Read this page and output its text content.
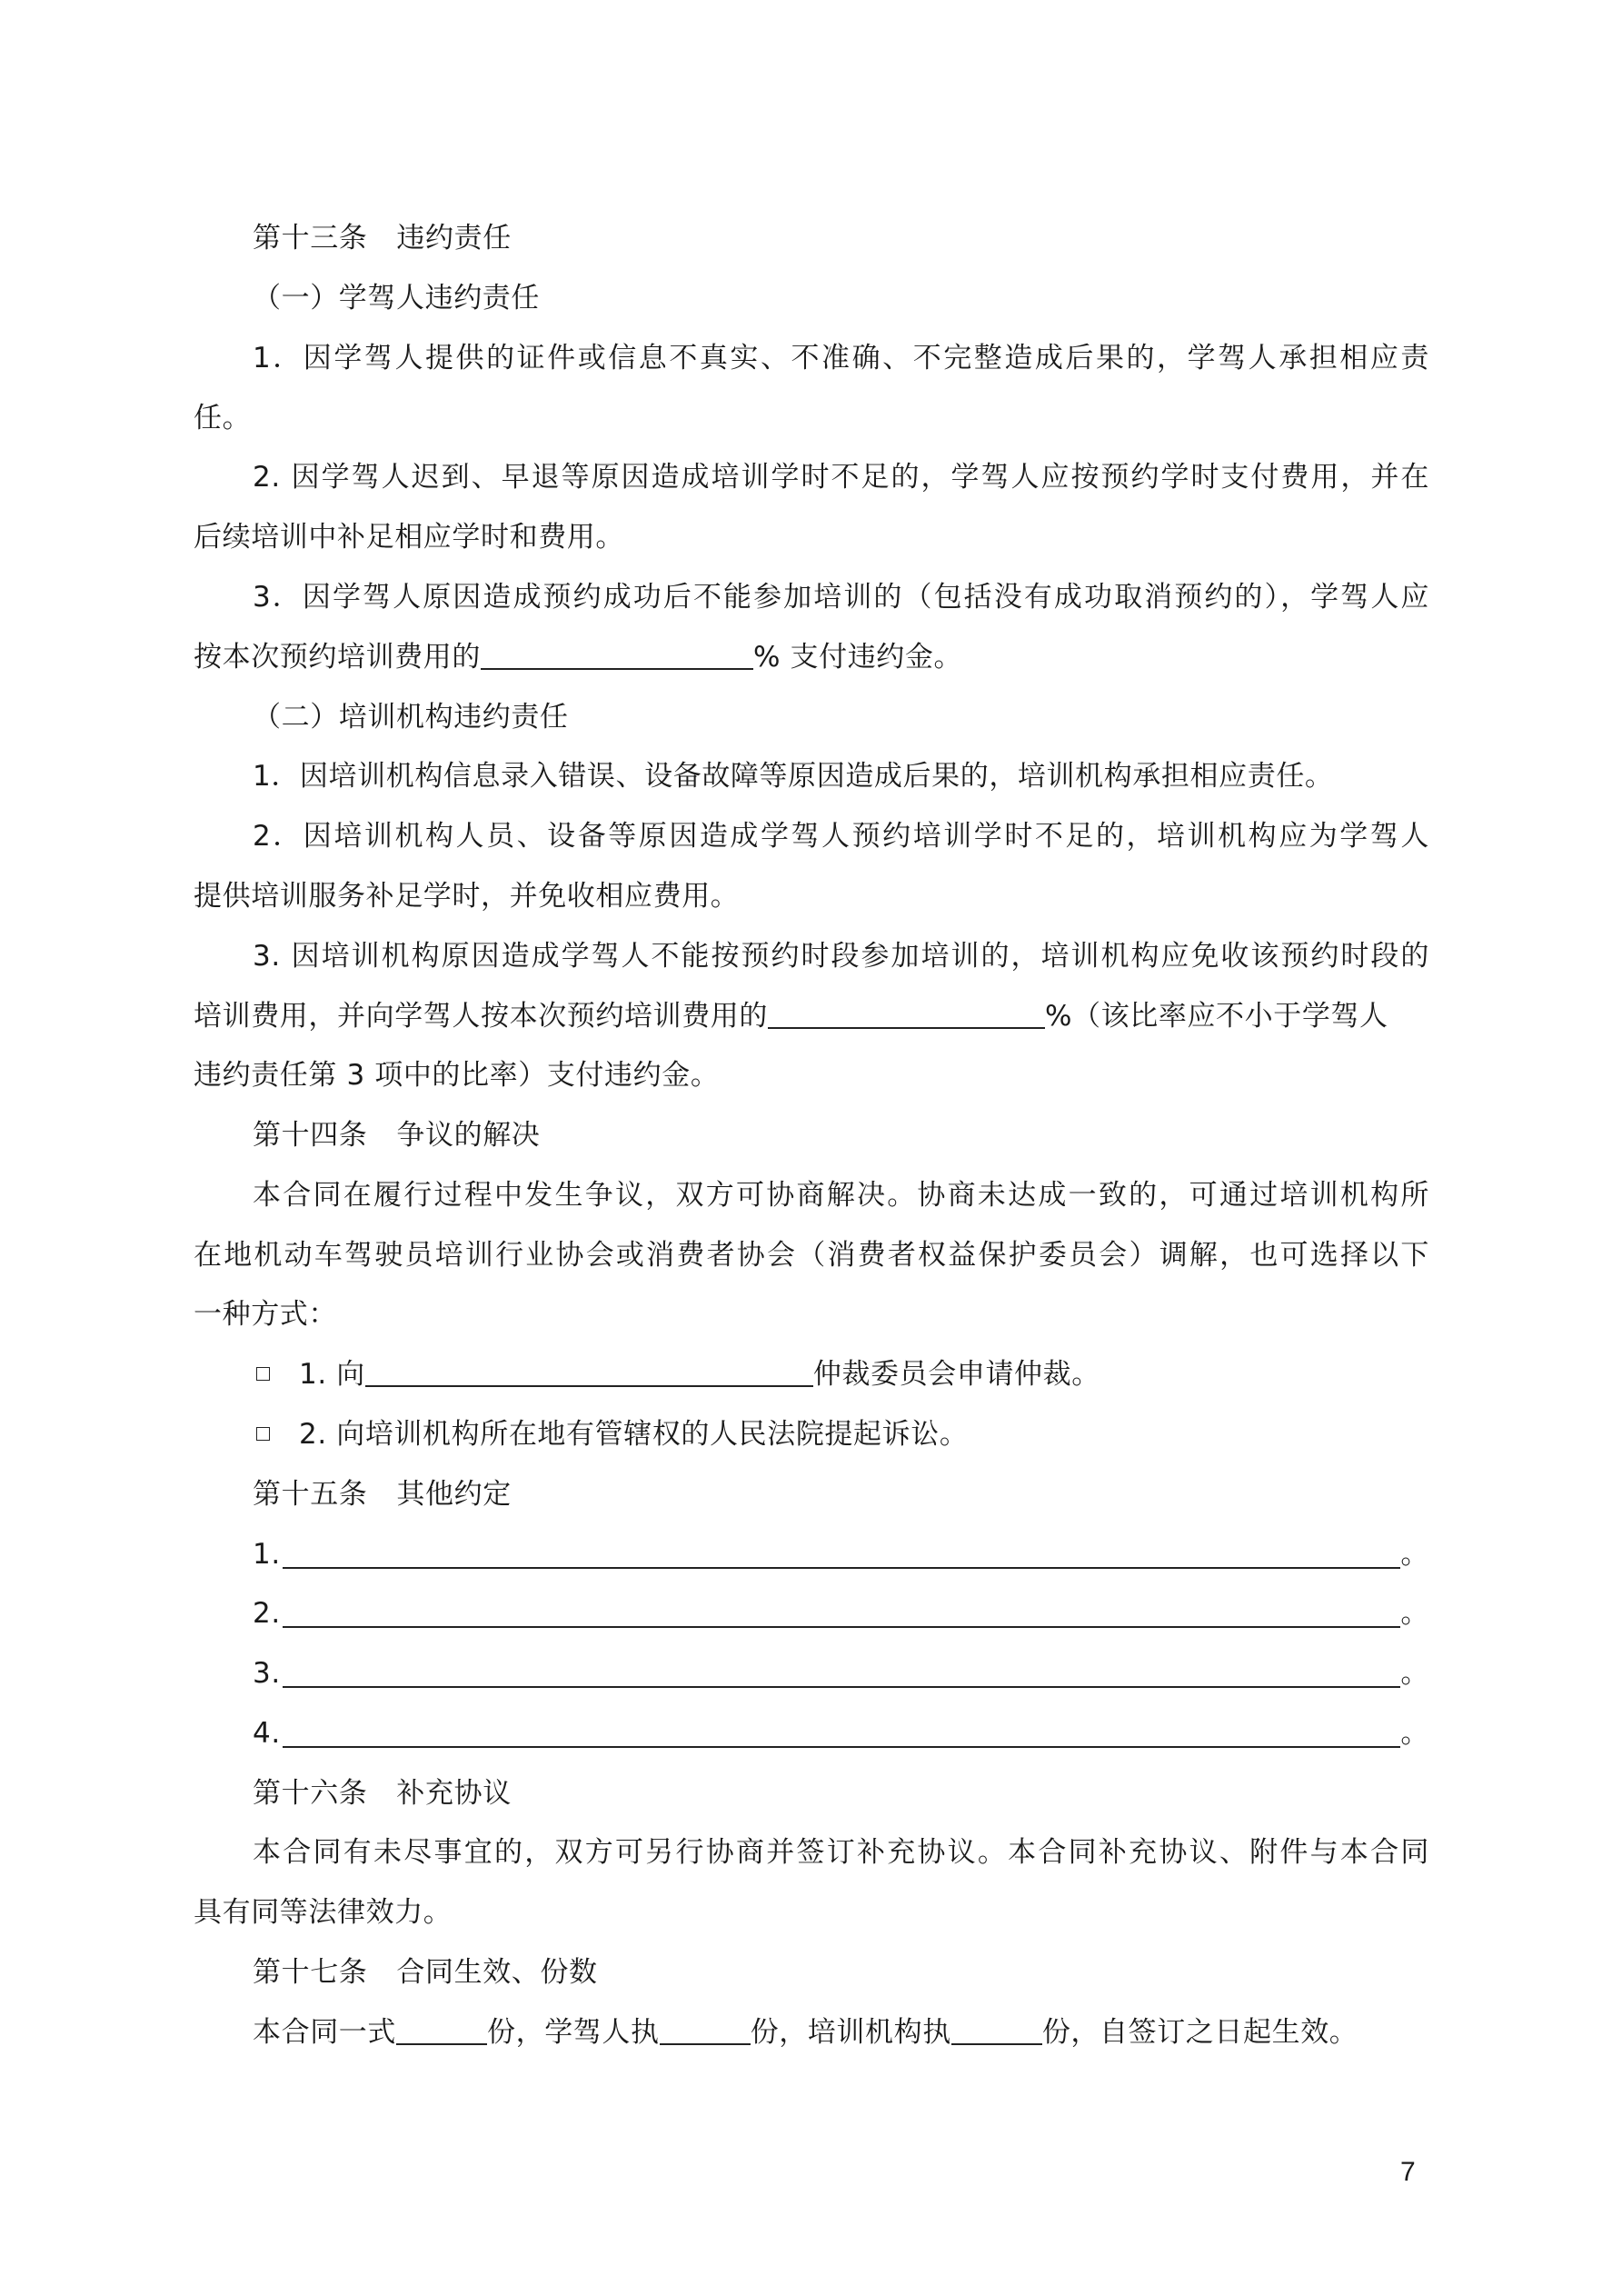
第十三条 违约责任
（一）学驾人违约责任
1．因学驾人提供的证件或信息不真实、不准确、不完整造成后果的，学驾人承担相应责
任。
2. 因学驾人迟到、早退等原因造成培训学时不足的，学驾人应按预约学时支付费用，并在
后续培训中补足相应学时和费用。
3．因学驾人原因造成预约成功后不能参加培训的（包括没有成功取消预约的），学驾人应
按本次预约培训费用的	% 支付违约金。
（二）培训机构违约责任
1．因培训机构信息录入错误、设备故障等原因造成后果的，培训机构承担相应责任。
2．因培训机构人员、设备等原因造成学驾人预约培训学时不足的，培训机构应为学驾人
提供培训服务补足学时，并免收相应费用。
3. 因培训机构原因造成学驾人不能按预约时段参加培训的，培训机构应免收该预约时段的
培训费用，并向学驾人按本次预约培训费用的	%（该比率应不小于学驾人
违约责任第 3 项中的比率）支付违约金。
第十四条 争议的解决
本合同在履行过程中发生争议，双方可协商解决。协商未达成一致的，可通过培训机构所
在地机动车驾驶员培训行业协会或消费者协会（消费者权益保护委员会）调解，也可选择以下
一种方式：
1. 向	仲裁委员会申请仲裁。
2. 向培训机构所在地有管辖权的人民法院提起诉讼。
第十五条 其他约定
1.	。
2.	。
3.	。
4.	。
第十六条 补充协议
本合同有未尽事宜的，双方可另行协商并签订补充协议。本合同补充协议、附件与本合同
具有同等法律效力。
第十七条 合同生效、份数
本合同一式	份，学驾人执	份，培训机构执	份，自签订之日起生效。
7
